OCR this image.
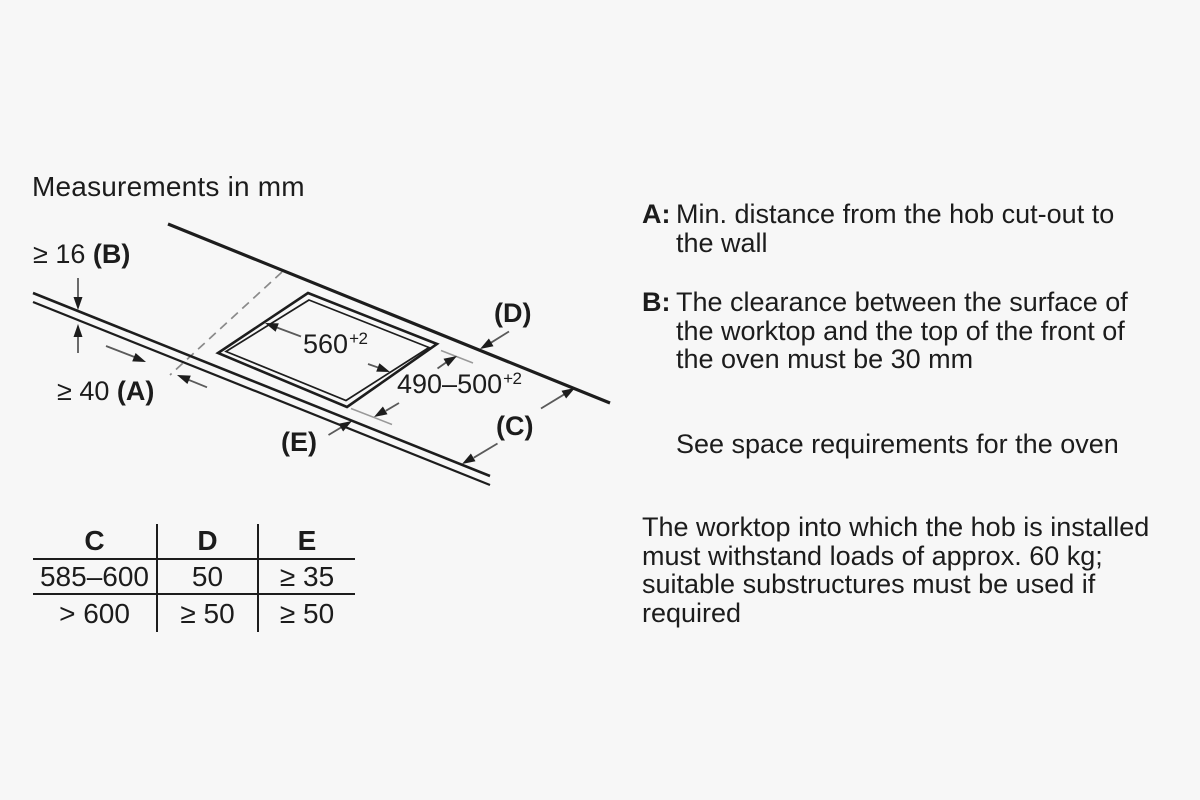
Measurements in mm
≥ 16 (B)
≥ 40 (A)
$560^{+2}$
$490-500^{+2}$
(D)
(C)
(E)
C	D	E
585–600	50	≥ 35
> 600	≥ 50	≥ 50
A: Min. distance from the hob cut-out to
the wall
B: The clearance between the surface of
the worktop and the top of the front of
the oven must be 30 mm
See space requirements for the oven
The worktop into which the hob is installed
must withstand loads of approx. 60 kg;
suitable substructures must be used if
required
